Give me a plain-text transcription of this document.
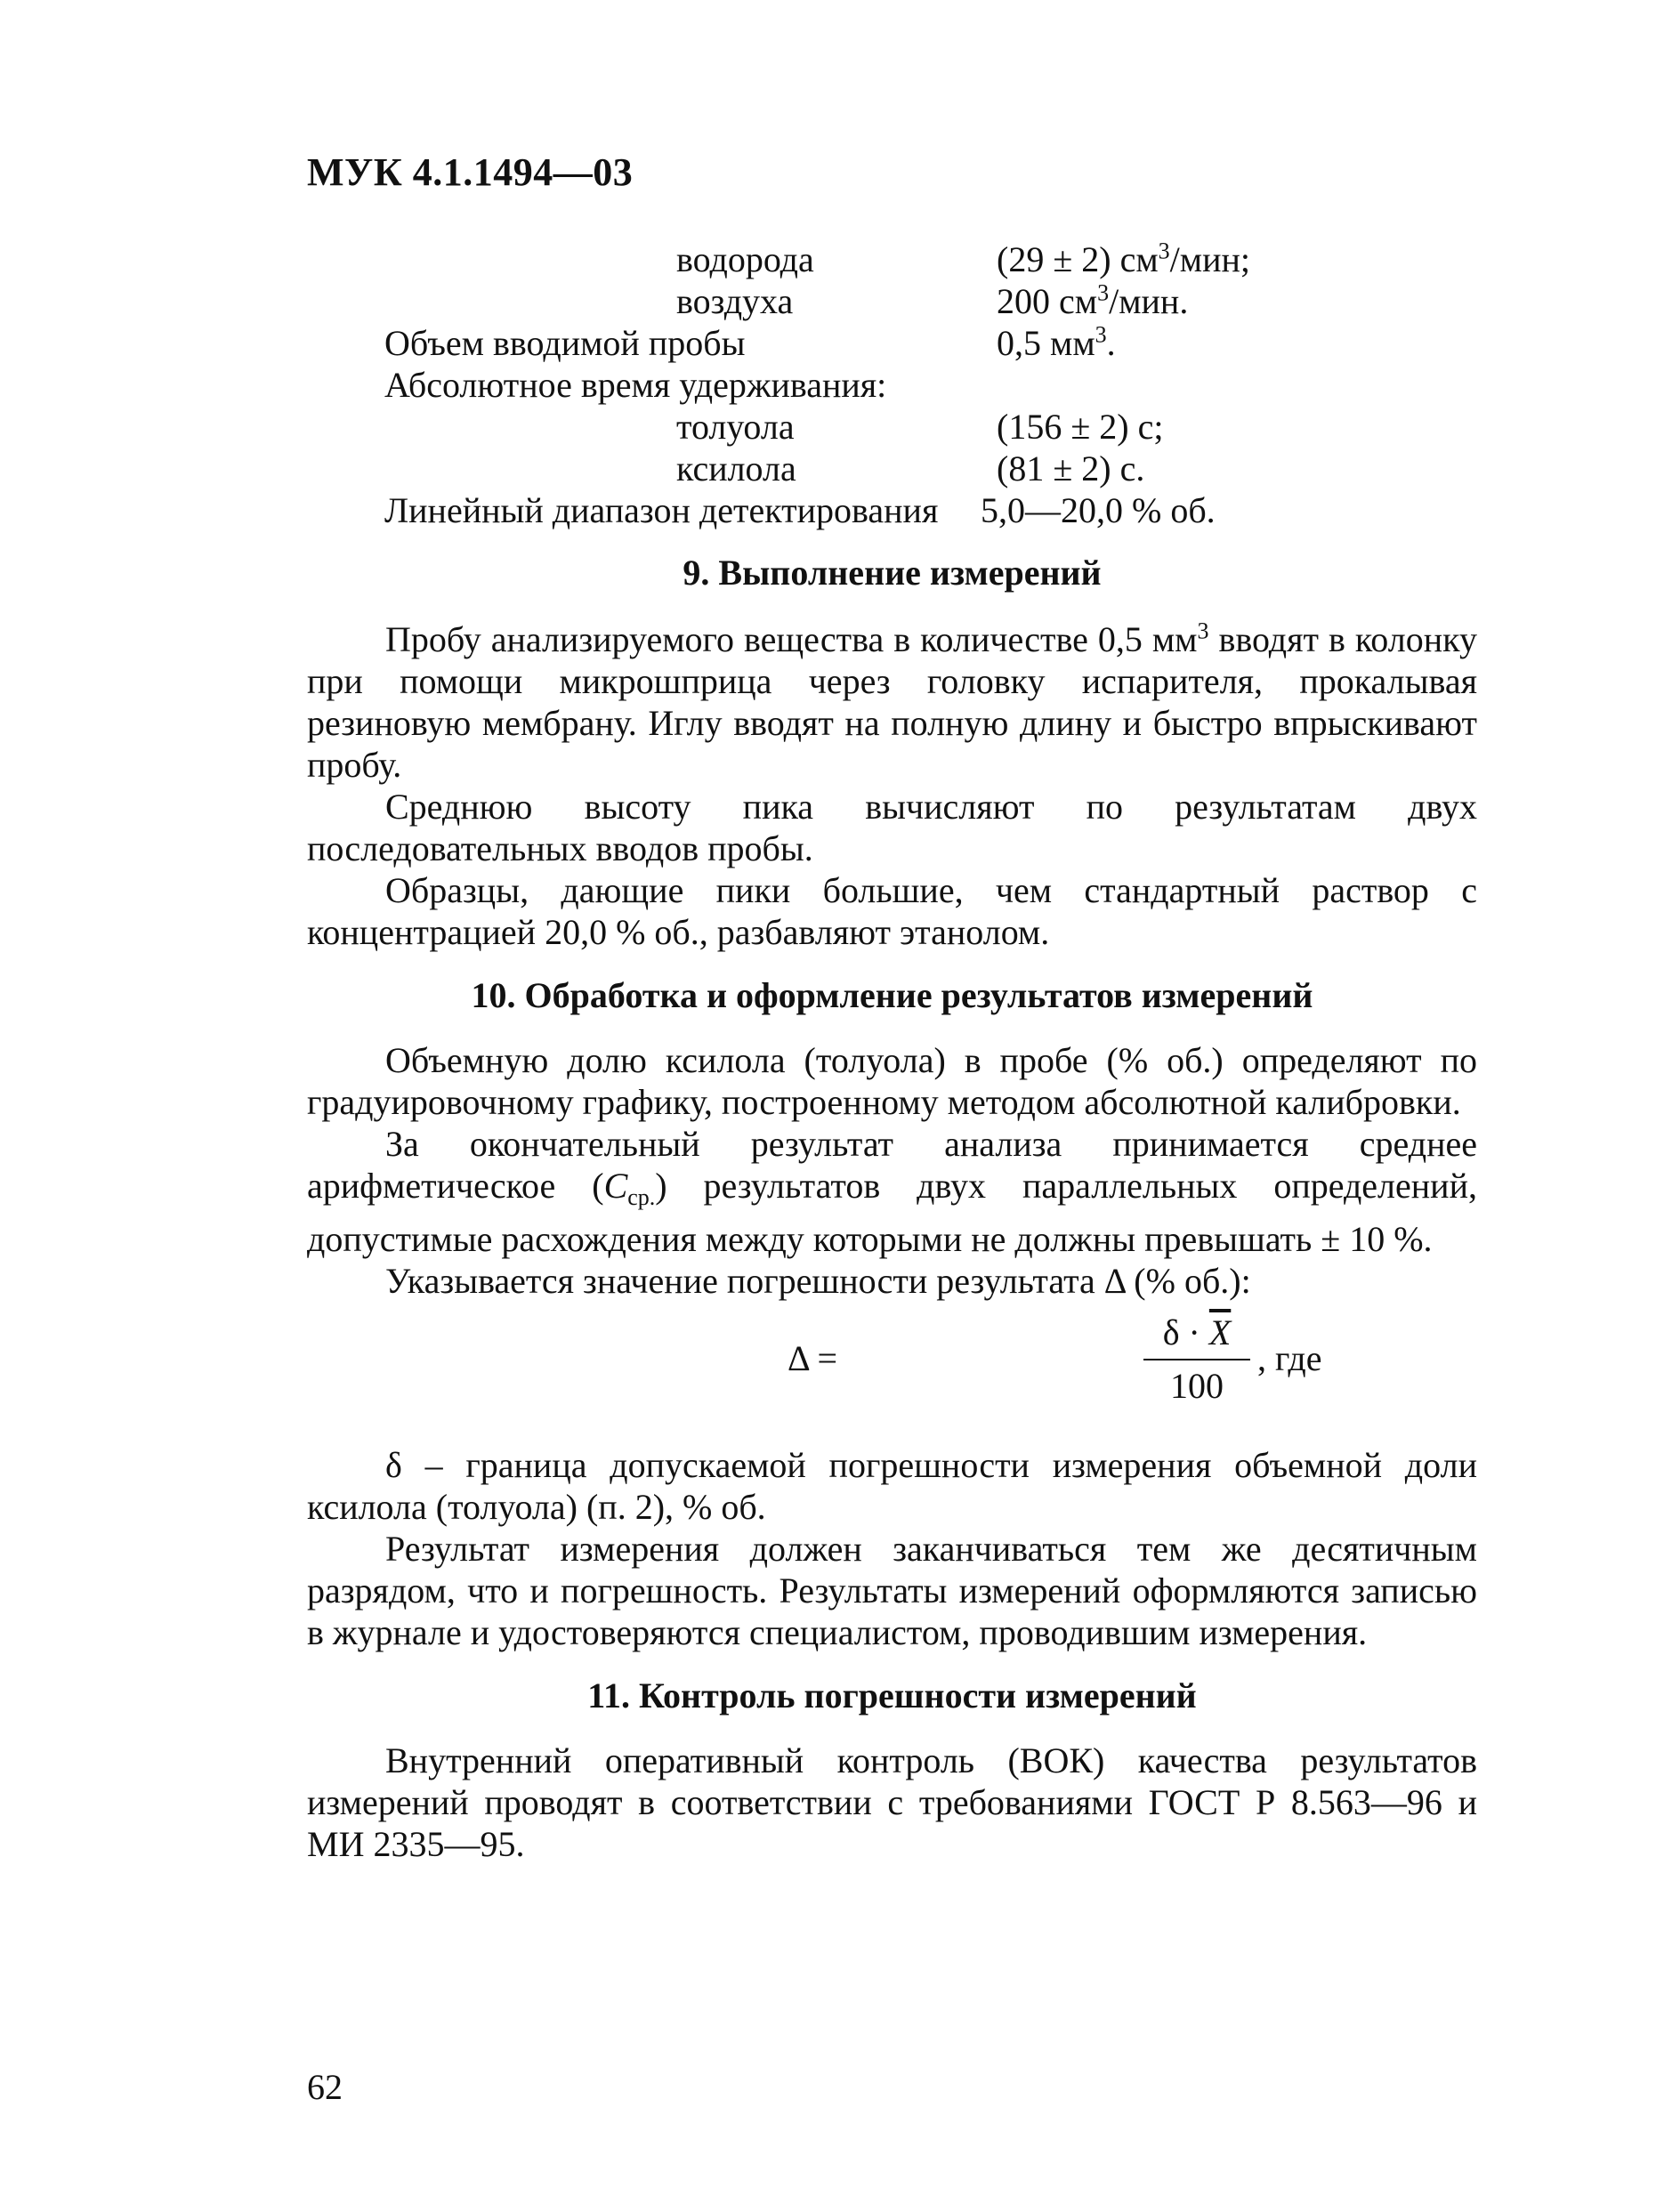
МУК 4.1.1494—03
водорода	(29 ± 2) $см^3$/мин;
воздуха	200 $см^3$/мин.
Объем вводимой пробы	0,5 $мм^3$.
Абсолютное время удерживания:
толуола	(156 ± 2) с;
ксилола	(81 ± 2) с.
Линейный диапазон детектирования 5,0—20,0 % об.
9. Выполнение измерений

Пробу анализируемого вещества в количестве 0,5 $мм^3$ вводят в колонку при помощи микрошприца через головку испарителя, прокалывая резиновую мембрану. Иглу вводят на полную длину и быстро впрыскивают пробу.

Среднюю высоту пика вычисляют по результатам двух последовательных вводов пробы.

Образцы, дающие пики большие, чем стандартный раствор с концентрацией 20,0 % об., разбавляют этанолом.

10. Обработка и оформление результатов измерений

Объемную долю ксилола (толуола) в пробе (% об.) определяют по градуировочному графику, построенному методом абсолютной калибровки.

За окончательный результат анализа принимается среднее арифметическое $(С_{ср.})$ результатов двух параллельных определений, допустимые расхождения между которыми не должны превышать ± 10 %.

Указывается значение погрешности результата Δ (% об.):

Δ =
$\delta \cdot \overline{X}$
100
, где

δ – граница допускаемой погрешности измерения объемной доли ксилола (толуола) (п. 2), % об.

Результат измерения должен заканчиваться тем же десятичным разрядом, что и погрешность. Результаты измерений оформляются записью в журнале и удостоверяются специалистом, проводившим измерения.

11. Контроль погрешности измерений

Внутренний оперативный контроль (ВОК) качества результатов измерений проводят в соответствии с требованиями ГОСТ Р 8.563—96 и МИ 2335—95.

62
